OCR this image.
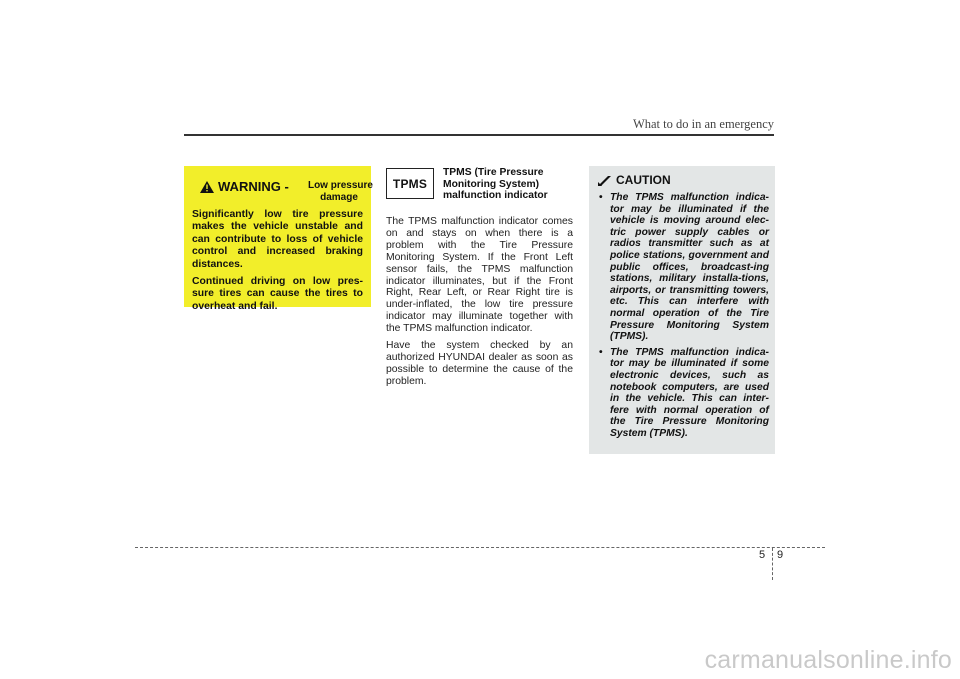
What to do in an emergency
WARNING -	Low pressure
damage

Significantly low tire pressure makes the vehicle unstable and can contribute to loss of vehicle control and increased braking distances.

Continued driving on low pres-sure tires can cause the tires to overheat and fail.

TPMS
TPMS (Tire Pressure
Monitoring System)
malfunction indicator

The TPMS malfunction indicator comes on and stays on when there is a problem with the Tire Pressure Monitoring System. If the Front Left sensor fails, the TPMS malfunction indicator illuminates, but if the Front Right, Rear Left, or Rear Right tire is under-inflated, the low tire pressure indicator may illuminate together with the TPMS malfunction indicator.

Have the system checked by an authorized HYUNDAI dealer as soon as possible to determine the cause of the problem.

CAUTION
• The TPMS malfunction indica-tor may be illuminated if the vehicle is moving around elec-tric power supply cables or radios transmitter such as at police stations, government and public offices, broadcast-ing stations, military installa-tions, airports, or transmitting towers, etc. This can interfere with normal operation of the Tire Pressure Monitoring System (TPMS).
• The TPMS malfunction indica-tor may be illuminated if some electronic devices, such as notebook computers, are used in the vehicle. This can inter-fere with normal operation of the Tire Pressure Monitoring System (TPMS).
5 9
carmanualsonline.info
